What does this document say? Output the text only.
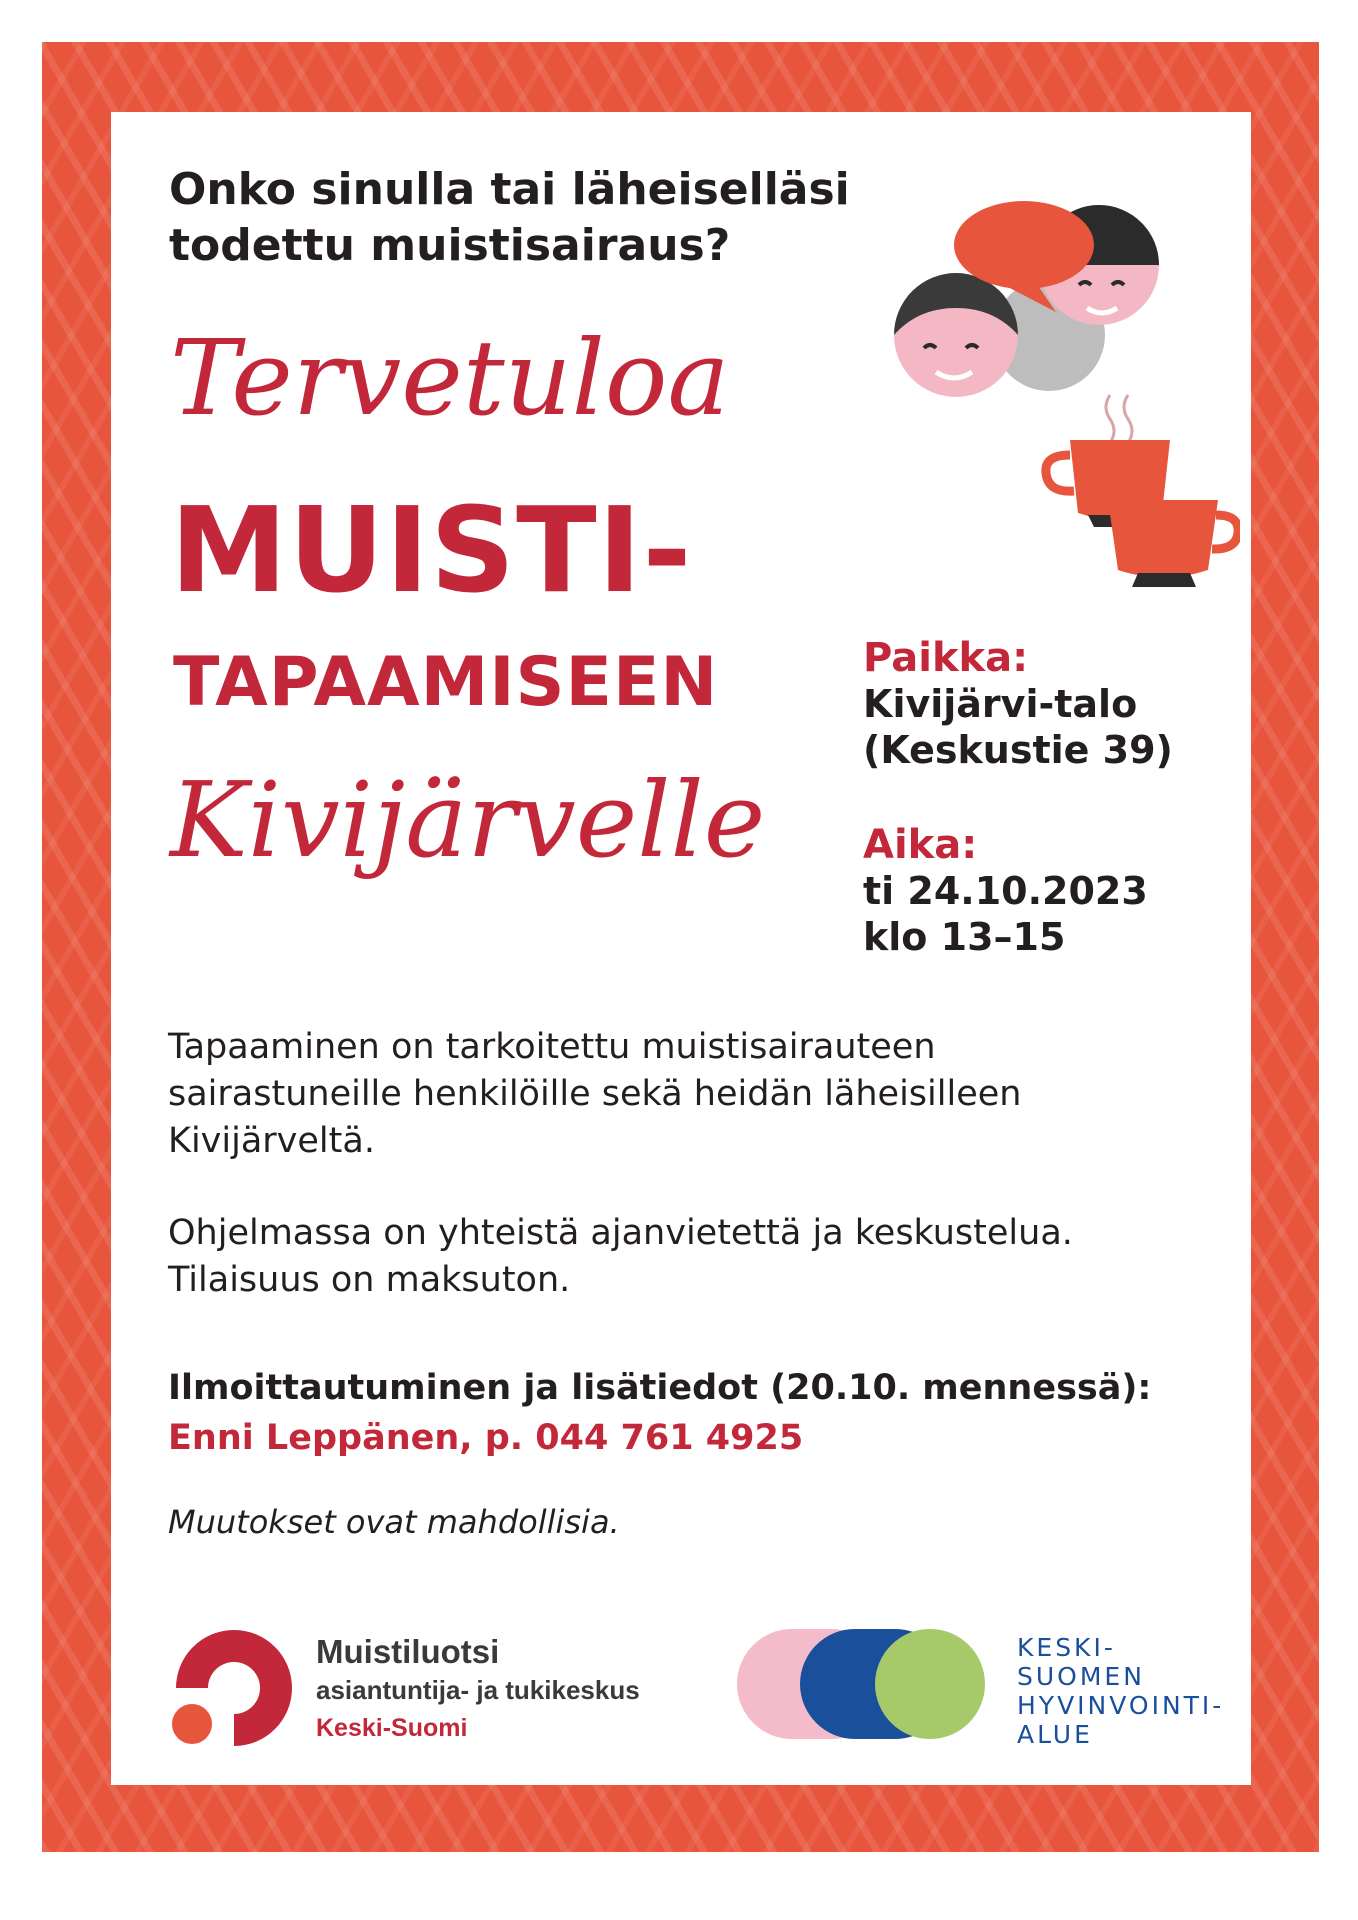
Onko sinulla tai läheiselläsi
todettu muistisairaus?
Tervetuloa
MUISTI-
TAPAAMISEEN
Kivijärvelle
Paikka:
Kivijärvi-talo
(Keskustie 39)
Aika:
ti 24.10.2023
klo 13–15
Tapaaminen on tarkoitettu muistisairauteen
sairastuneille henkilöille sekä heidän läheisilleen
Kivijärveltä.
Ohjelmassa on yhteistä ajanvietettä ja keskustelua.
Tilaisuus on maksuton.
Ilmoittautuminen ja lisätiedot (20.10. mennessä):
Enni Leppänen, p. 044 761 4925
Muutokset ovat mahdollisia.
Muistiluotsi
asiantuntija- ja tukikeskus
Keski-Suomi
KESKI-
SUOMEN
HYVINVOINTI-
ALUE
